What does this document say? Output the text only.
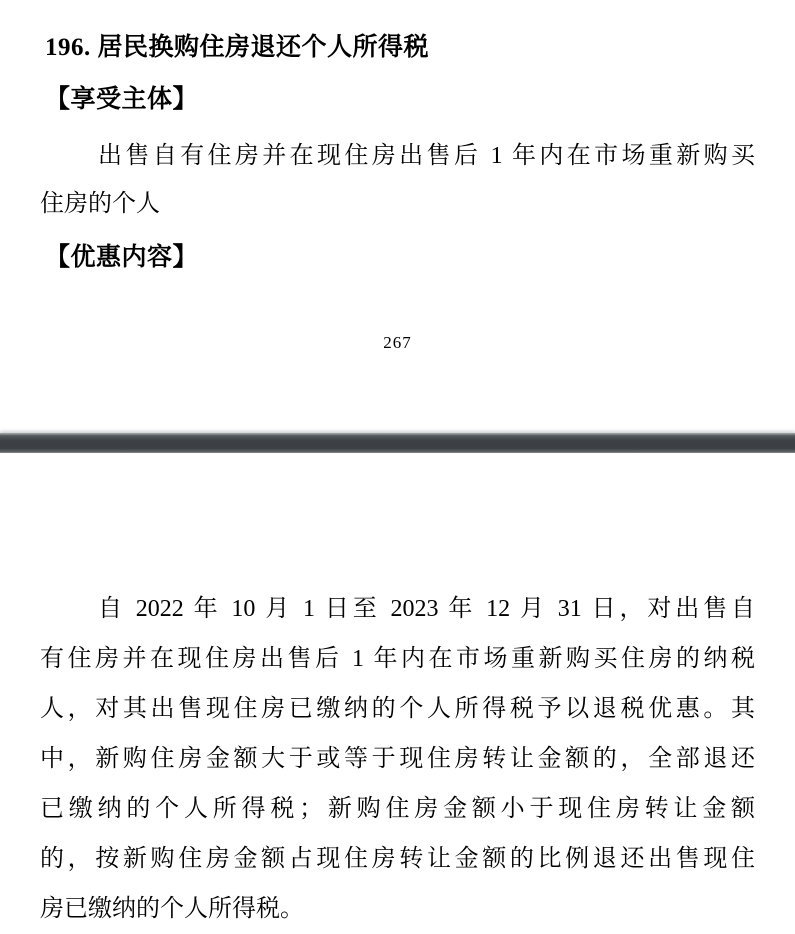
196. 居民换购住房退还个人所得税
【享受主体】
出售自有住房并在现住房出售后 1 年内在市场重新购买
住房的个人
【优惠内容】
267
自 2022 年 10 月 1 日至 2023 年 12 月 31 日，对出售自
有住房并在现住房出售后 1 年内在市场重新购买住房的纳税
人，对其出售现住房已缴纳的个人所得税予以退税优惠。其
中，新购住房金额大于或等于现住房转让金额的，全部退还
已缴纳的个人所得税；新购住房金额小于现住房转让金额
的，按新购住房金额占现住房转让金额的比例退还出售现住
房已缴纳的个人所得税。
